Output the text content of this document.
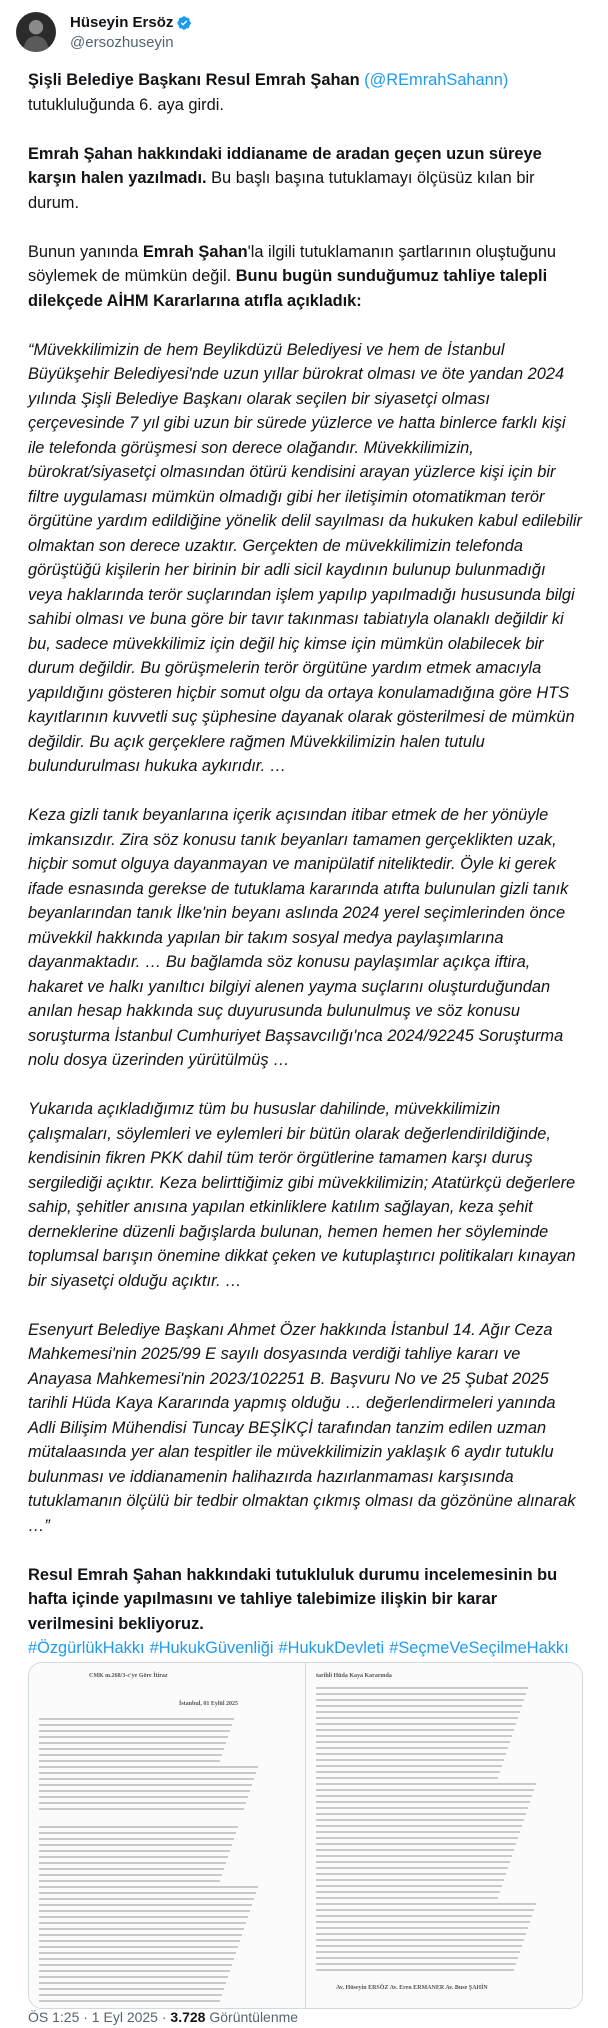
Hüseyin Ersöz
@ersozhuseyin

Şişli Belediye Başkanı Resul Emrah Şahan (@REmrahSahann) tutukluluğunda 6. aya girdi.

Emrah Şahan hakkındaki iddianame de aradan geçen uzun süreye karşın halen yazılmadı. Bu başlı başına tutuklamayı ölçüsüz kılan bir durum.

Bunun yanında Emrah Şahan'la ilgili tutuklamanın şartlarının oluştuğunu söylemek de mümkün değil. Bunu bugün sunduğumuz tahliye talepli dilekçede AİHM Kararlarına atıfla açıkladık:

“Müvekkilimizin de hem Beylikdüzü Belediyesi ve hem de İstanbul Büyükşehir Belediyesi'nde uzun yıllar bürokrat olması ve öte yandan 2024 yılında Şişli Belediye Başkanı olarak seçilen bir siyasetçi olması çerçevesinde 7 yıl gibi uzun bir sürede yüzlerce ve hatta binlerce farklı kişi ile telefonda görüşmesi son derece olağandır. Müvekkilimizin, bürokrat/siyasetçi olmasından ötürü kendisini arayan yüzlerce kişi için bir filtre uygulaması mümkün olmadığı gibi her iletişimin otomatikman terör örgütüne yardım edildiğine yönelik delil sayılması da hukuken kabul edilebilir olmaktan son derece uzaktır. Gerçekten de müvekkilimizin telefonda görüştüğü kişilerin her birinin bir adli sicil kaydının bulunup bulunmadığı veya haklarında terör suçlarından işlem yapılıp yapılmadığı hususunda bilgi sahibi olması ve buna göre bir tavır takınması tabiatıyla olanaklı değildir ki bu, sadece müvekkilimiz için değil hiç kimse için mümkün olabilecek bir durum değildir. Bu görüşmelerin terör örgütüne yardım etmek amacıyla yapıldığını gösteren hiçbir somut olgu da ortaya konulamadığına göre HTS kayıtlarının kuvvetli suç şüphesine dayanak olarak gösterilmesi de mümkün değildir. Bu açık gerçeklere rağmen Müvekkilimizin halen tutulu bulundurulması hukuka aykırıdır. …

Keza gizli tanık beyanlarına içerik açısından itibar etmek de her yönüyle imkansızdır. Zira söz konusu tanık beyanları tamamen gerçeklikten uzak, hiçbir somut olguya dayanmayan ve manipülatif niteliktedir. Öyle ki gerek ifade esnasında gerekse de tutuklama kararında atıfta bulunulan gizli tanık beyanlarından tanık İlke'nin beyanı aslında 2024 yerel seçimlerinden önce müvekkil hakkında yapılan bir takım sosyal medya paylaşımlarına dayanmaktadır. … Bu bağlamda söz konusu paylaşımlar açıkça iftira, hakaret ve halkı yanıltıcı bilgiyi alenen yayma suçlarını oluşturduğundan anılan hesap hakkında suç duyurusunda bulunulmuş ve söz konusu soruşturma İstanbul Cumhuriyet Başsavcılığı'nca 2024/92245 Soruşturma nolu dosya üzerinden yürütülmüş …

Yukarıda açıkladığımız tüm bu hususlar dahilinde, müvekkilimizin çalışmaları, söylemleri ve eylemleri bir bütün olarak değerlendirildiğinde, kendisinin fikren PKK dahil tüm terör örgütlerine tamamen karşı duruş sergilediği açıktır. Keza belirttiğimiz gibi müvekkilimizin; Atatürkçü değerlere sahip, şehitler anısına yapılan etkinliklere katılım sağlayan, keza şehit derneklerine düzenli bağışlarda bulunan, hemen hemen her söyleminde toplumsal barışın önemine dikkat çeken ve kutuplaştırıcı politikaları kınayan bir siyasetçi olduğu açıktır. …

Esenyurt Belediye Başkanı Ahmet Özer hakkında İstanbul 14. Ağır Ceza Mahkemesi'nin 2025/99 E sayılı dosyasında verdiği tahliye kararı ve Anayasa Mahkemesi'nin 2023/102251 B. Başvuru No ve 25 Şubat 2025 tarihli Hüda Kaya Kararında yapmış olduğu … değerlendirmeleri yanında Adli Bilişim Mühendisi Tuncay BEŞİKÇİ tarafından tanzim edilen uzman mütalaasında yer alan tespitler ile müvekkilimizin yaklaşık 6 aydır tutuklu bulunması ve iddianamenin halihazırda hazırlanmaması karşısında tutuklamanın ölçülü bir tedbir olmaktan çıkmış olması da gözönüne alınarak …”

Resul Emrah Şahan hakkındaki tutukluluk durumu incelemesinin bu hafta içinde yapılmasını ve tahliye talebimize ilişkin bir karar verilmesini bekliyoruz.

#ÖzgürlükHakkı #HukukGüvenliği #HukukDevleti #SeçmeVeSeçilmeHakkı

CMK m.268/3-c'ye Göre İtiraz
İstanbul, 01 Eylül 2025
tarihli Hüda Kaya Kararında
Av. Hüseyin ERSÖZ Av. Eren ERMANER Av. Buse ŞAHİN
ÖS 1:25 · 1 Eyl 2025 · 3.728 Görüntülenme
